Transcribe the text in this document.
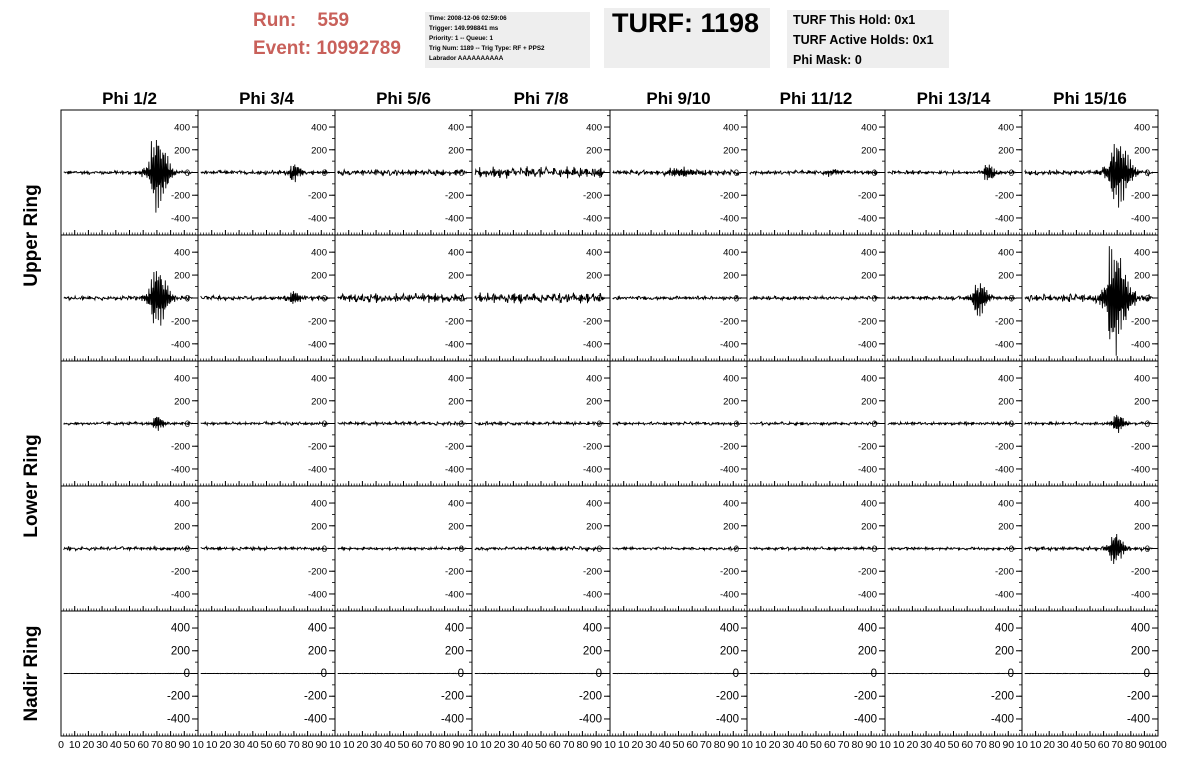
Run:    559
Event: 10992789
Time: 2008-12-06 02:59:06
Trigger: 149.998841 ms
Priority: 1 -- Queue: 1
Trig Num: 1189 -- Trig Type: RF + PPS2
Labrador AAAAAAAAAA
TURF: 1198	TURF This Hold: 0x1
TURF Active Holds: 0x1
Phi Mask: 0
Phi 1/2	Phi 3/4	Phi 5/6	Phi 7/8	Phi 9/10	Phi 11/12	Phi 13/14	Phi 15/16
Upper Ring
Lower Ring
Nadir Ring
-400
-200
0
200
400
-400
-200
0
200
400
-400
-200
0
200
400
-400
-200
0
200
400
-400
-200
0
200
400
-400
-200
0
200
400
-400
-200
0
200
400
-400
-200
0
200
400
-400
-200
0
200
400
-400
-200
0
200
400
-400
-200
0
200
400
-400
-200
0
200
400
-400
-200
0
200
400
-400
-200
0
200
400
-400
-200
0
200
400
-400
-200
0
200
400
-400
-200
0
200
400
-400
-200
0
200
400
-400
-200
0
200
400
-400
-200
0
200
400
-400
-200
0
200
400
-400
-200
0
200
400
-400
-200
0
200
400
-400
-200
0
200
400
-400
-200
0
200
400
-400
-200
0
200
400
-400
-200
0
200
400
-400
-200
0
200
400
-400
-200
0
200
400
-400
-200
0
200
400
-400
-200
0
200
400
-400
-200
0
200
400
-400
-200
0
200
400
-400
-200
0
200
400
-400
-200
0
200
400
-400
-200
0
200
400
-400
-200
0
200
400
-400
-200
0
200
400
-400
-200
0
200
400
-400
-200
0
200
400
0 10 20 30 40 50 60 70 80 90 10 10 20 30 40 50 60 70 80 90 10 10 20 30 40 50 60 70 80 90 10 10 20 30 40 50 60 70 80 90 10 10 20 30 40 50 60 70 80 90 10 10 20 30 40 50 60 70 80 90 10 10 20 30 40 50 60 70 80 90 10 10 20 30 40 50 60 70 80 90
100
